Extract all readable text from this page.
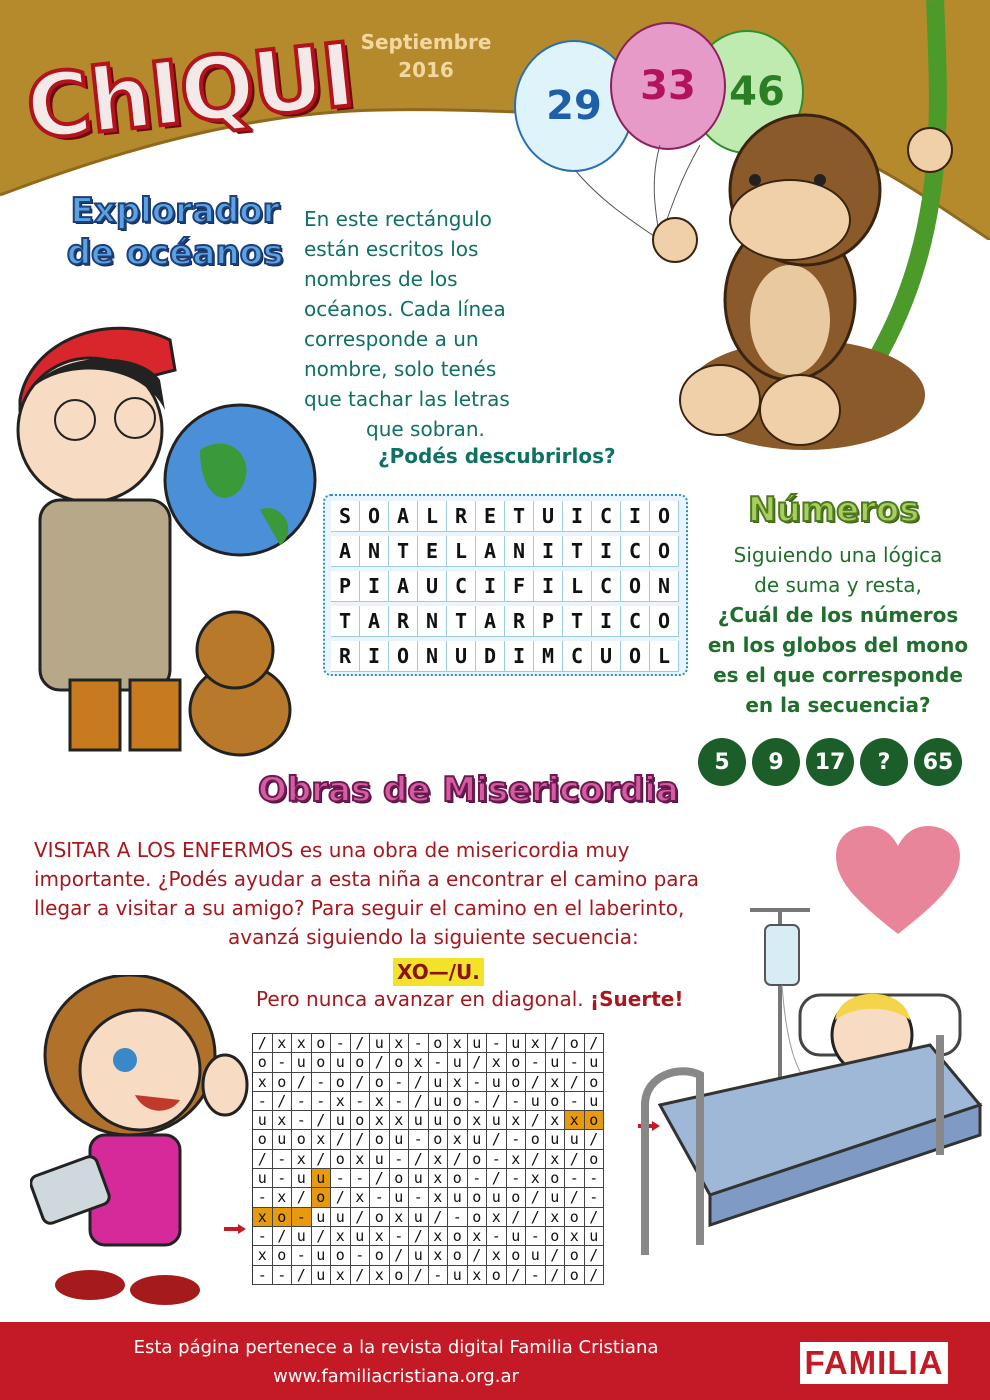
ChIQUI Septiembre
2016
29	46
33
Explorador
de océanos
En este rectángulo
están escritos los
nombres de los
océanos. Cada línea
corresponde a un
nombre, solo tenés
que tachar las letras
que sobran.
¿Podés descubrirlos?
S O A L R E T U I C I O
A N T E L A N I T I C O
P I A U C I F I L C O N
T A R N T A R P T I C O
R I O N U D I M C U O L
Números
Siguiendo una lógica
de suma y resta,
¿Cuál de los números
en los globos del mono
es el que corresponde
en la secuencia?
5	9	17	?	65
Obras de Misericordia

VISITAR A LOS ENFERMOS es una obra de misericordia muy

importante. ¿Podés ayudar a esta niña a encontrar el camino para

llegar a visitar a su amigo? Para seguir el camino en el laberinto,

avanzá siguiendo la siguiente secuencia:

XO—/U.
Pero nunca avanzar en diagonal. ¡Suerte!
/ x x o - / u x - o x u - u x / o /
o - u o u o / o x - u / x o - u - u
x o / - o / o - / u x - u o / x / o
- / - - x - x - / u o - / - u o - u
u x - / u o x x u u o x u x / x x o
o u o x / / o u - o x u / - o u u /
/ - x / o x u - / x / o - x / x / o
u - u u - - / o u x o - / - x o - -
- x / o / x - u - x u o u o / u / -
x o - u u / o x u / - o x / / x o /
- / u / x u x - / x o x - u - o x u
x o - u o - o / u x o / x o u / o /
- - / u x / x o / - u x o / - / o /
Esta página pertenece a la revista digital Familia Cristiana
www.familiacristiana.org.ar	FAMILIA
